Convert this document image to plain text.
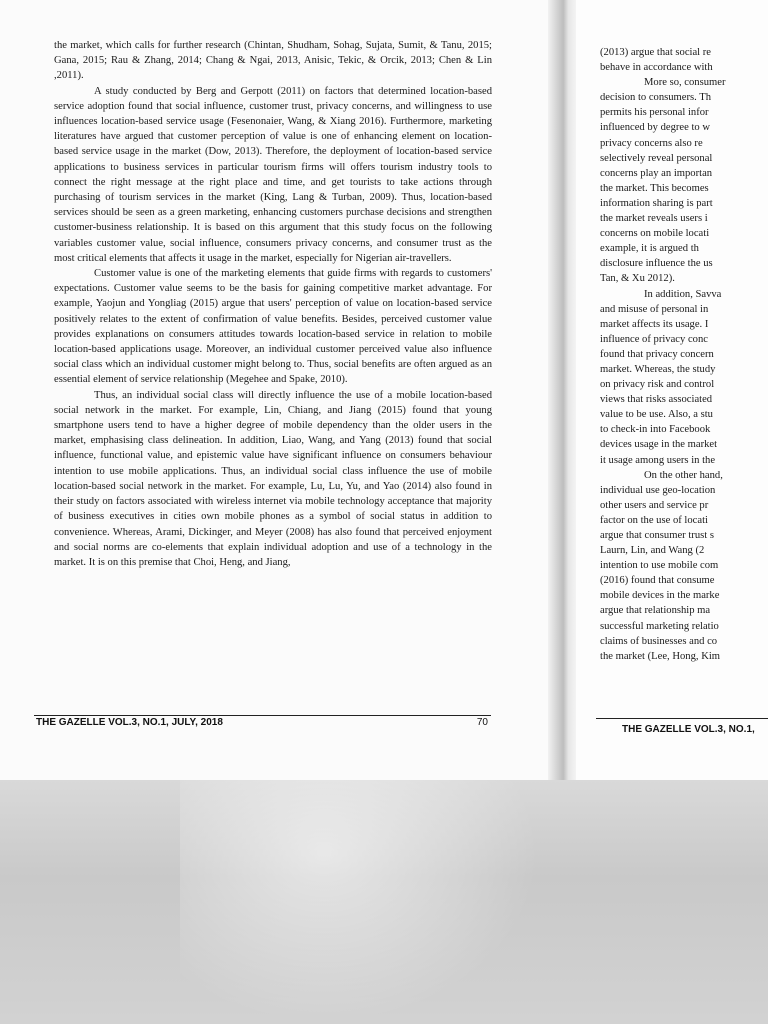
the market, which calls for further research (Chintan, Shudham, Sohag, Sujata, Sumit, & Tanu, 2015; Gana, 2015; Rau & Zhang, 2014; Chang & Ngai, 2013, Anisic, Tekic, & Orcik, 2013; Chen & Lin ,2011).

A study conducted by Berg and Gerpott (2011) on factors that determined location-based service adoption found that social influence, customer trust, privacy concerns, and willingness to use influences location-based service usage (Fesenonaier, Wang, & Xiang 2016). Furthermore, marketing literatures have argued that customer perception of value is one of enhancing element on location-based service usage in the market (Dow, 2013). Therefore, the deployment of location-based service applications to business services in particular tourism firms will offers tourism industry tools to connect the right message at the right place and time, and get tourists to take actions through purchasing of tourism services in the market (King, Lang & Turban, 2009). Thus, location-based services should be seen as a green marketing, enhancing customers purchase decisions and strengthen customer-business relationship. It is based on this argument that this study focus on the following variables customer value, social influence, consumers privacy concerns, and consumer trust as the most critical elements that affects it usage in the market, especially for Nigerian air-travellers.

Customer value is one of the marketing elements that guide firms with regards to customers' expectations. Customer value seems to be the basis for gaining competitive market advantage. For example, Yaojun and Yongliag (2015) argue that users' perception of value on location-based service positively relates to the extent of confirmation of value benefits. Besides, perceived customer value provides explanations on consumers attitudes towards location-based service in relation to mobile location-based applications usage. Moreover, an individual customer perceived value also influence social class which an individual customer might belong to. Thus, social benefits are often argued as an essential element of service relationship (Megehee and Spake, 2010).

Thus, an individual social class will directly influence the use of a mobile location-based social network in the market. For example, Lin, Chiang, and Jiang (2015) found that young smartphone users tend to have a higher degree of mobile dependency than the older users in the market, emphasising class delineation. In addition, Liao, Wang, and Yang (2013) found that social influence, functional value, and epistemic value have significant influence on consumers behaviour intention to use mobile applications. Thus, an individual social class influence the use of mobile location-based social network in the market. For example, Lu, Lu, Yu, and Yao (2014) also found in their study on factors associated with wireless internet via mobile technology acceptance that majority of business executives in cities own mobile phones as a symbol of social status in addition to convenience. Whereas, Arami, Dickinger, and Meyer (2008) has also found that perceived enjoyment and social norms are co-elements that explain individual adoption and use of a technology in the market. It is on this premise that Choi, Heng, and Jiang,

THE GAZELLE VOL.3, NO.1, JULY, 2018	70
(2013) argue that social re
behave in accordance with
More so, consumer
decision to consumers. Th
permits his personal infor
influenced by degree to w
privacy concerns also re
selectively reveal personal
concerns play an importan
the market. This becomes
information sharing is part
the market reveals users i
concerns on mobile locati
example, it is argued th
disclosure influence the us
Tan, & Xu 2012).
In addition, Savva
and misuse of personal in
market affects its usage. I
influence of privacy conc
found that privacy concern
market. Whereas, the study
on privacy risk and control
views that risks associated
value to be use. Also, a stu
to check-in into Facebook
devices usage in the market
it usage among users in the
On the other hand,
individual use geo-location
other users and service pr
factor on the use of locati
argue that consumer trust s
Laurn, Lin, and Wang (2
intention to use mobile com
(2016) found that consume
mobile devices in the marke
argue that relationship ma
successful marketing relatio
claims of businesses and co
the market (Lee, Hong, Kim
THE GAZELLE VOL.3, NO.1,
